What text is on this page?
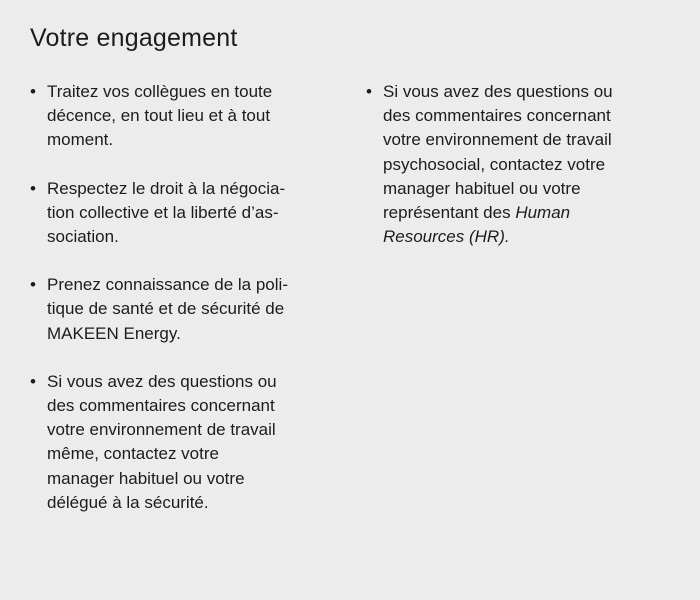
Votre engagement
• Traitez vos collègues en toute
décence, en tout lieu et à tout
moment.
• Respectez le droit à la négocia-
tion collective et la liberté d’as-
sociation.
• Prenez connaissance de la poli-
tique de santé et de sécurité de
MAKEEN Energy.
• Si vous avez des questions ou
des commentaires concernant
votre environnement de travail
même, contactez votre
manager habituel ou votre
délégué à la sécurité.
• Si vous avez des questions ou
des commentaires concernant
votre environnement de travail
psychosocial, contactez votre
manager habituel ou votre
représentant des Human
Resources (HR).
